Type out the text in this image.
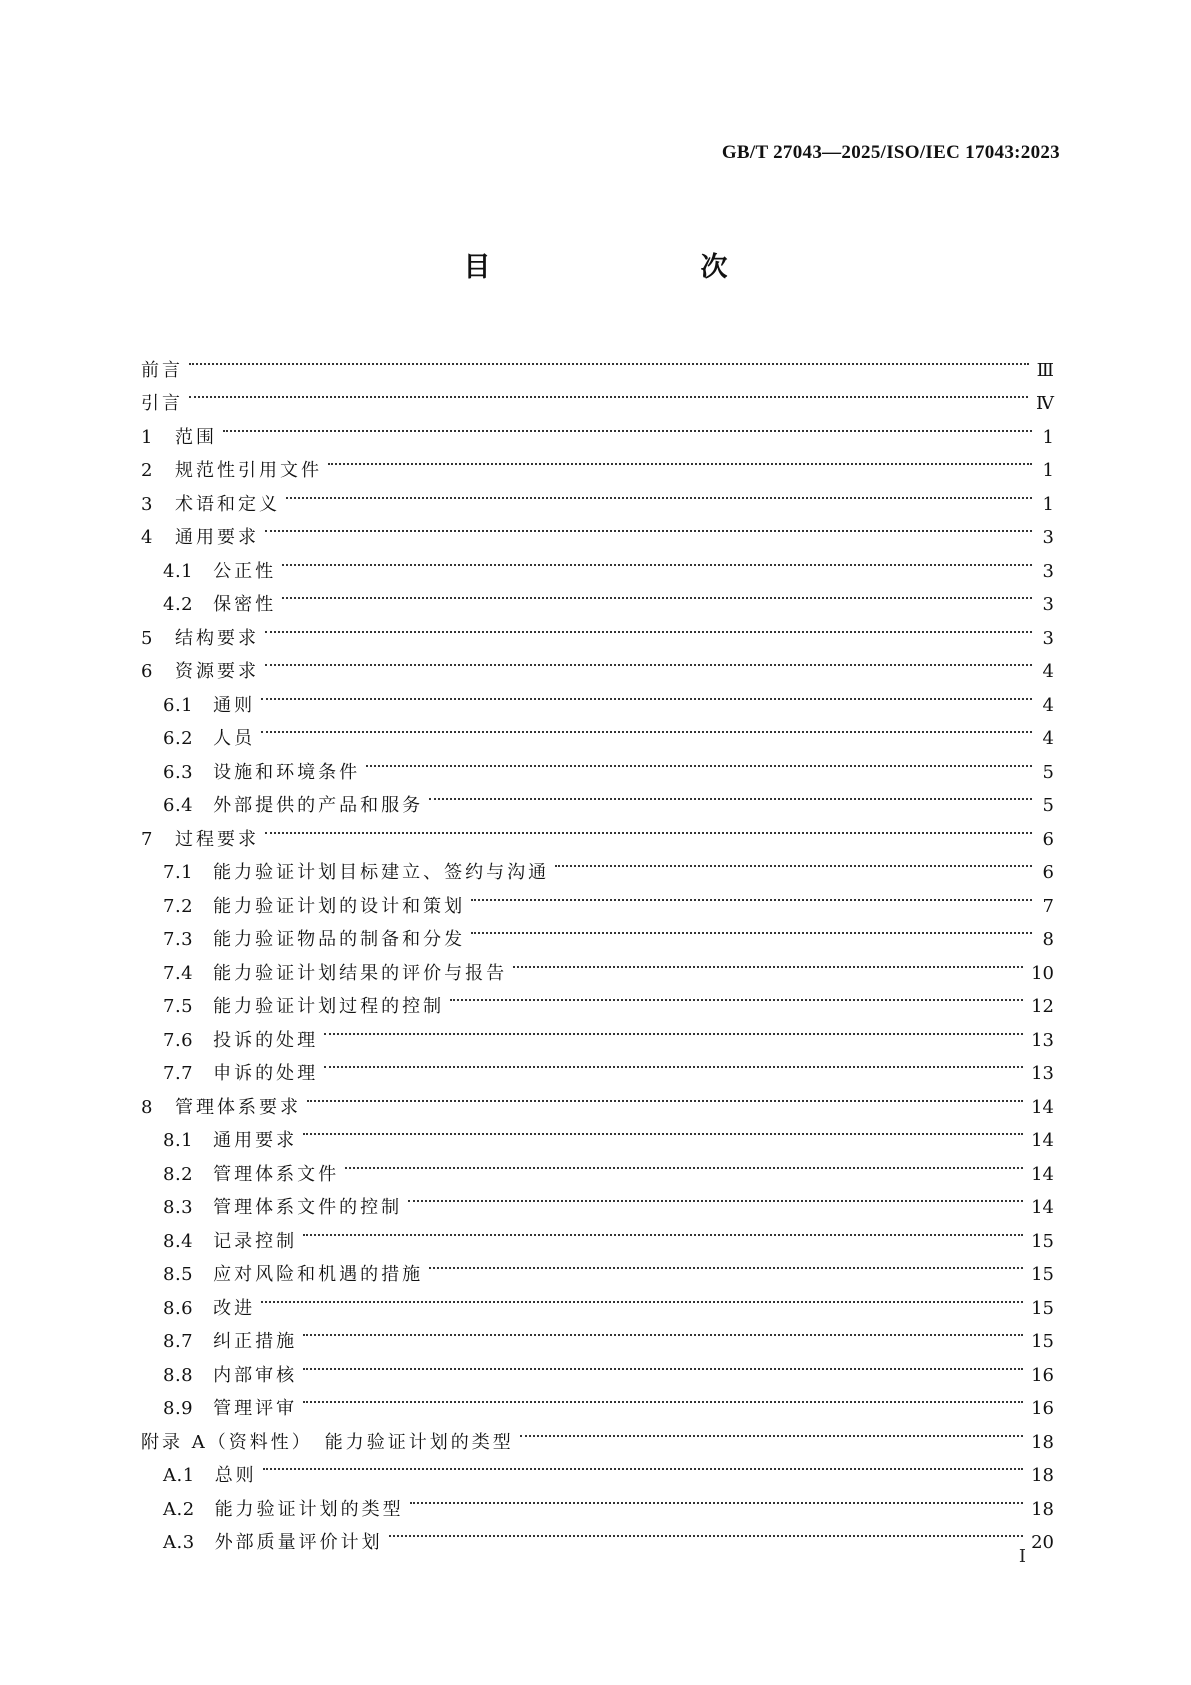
GB/T 27043—2025/ISO/IEC 17043:2023
目　　次
前言	Ⅲ
引言	Ⅳ
1 范围	1
2 规范性引用文件	1
3 术语和定义	1
4 通用要求	3
4.1 公正性	3
4.2 保密性	3
5 结构要求	3
6 资源要求	4
6.1 通则	4
6.2 人员	4
6.3 设施和环境条件	5
6.4 外部提供的产品和服务	5
7 过程要求	6
7.1 能力验证计划目标建立、签约与沟通	6
7.2 能力验证计划的设计和策划	7
7.3 能力验证物品的制备和分发	8
7.4 能力验证计划结果的评价与报告	10
7.5 能力验证计划过程的控制	12
7.6 投诉的处理	13
7.7 申诉的处理	13
8 管理体系要求	14
8.1 通用要求	14
8.2 管理体系文件	14
8.3 管理体系文件的控制	14
8.4 记录控制	15
8.5 应对风险和机遇的措施	15
8.6 改进	15
8.7 纠正措施	15
8.8 内部审核	16
8.9 管理评审	16
附录 A（资料性）　能力验证计划的类型	18
A.1 总则	18
A.2 能力验证计划的类型	18
A.3 外部质量评价计划	20
Ⅰ
